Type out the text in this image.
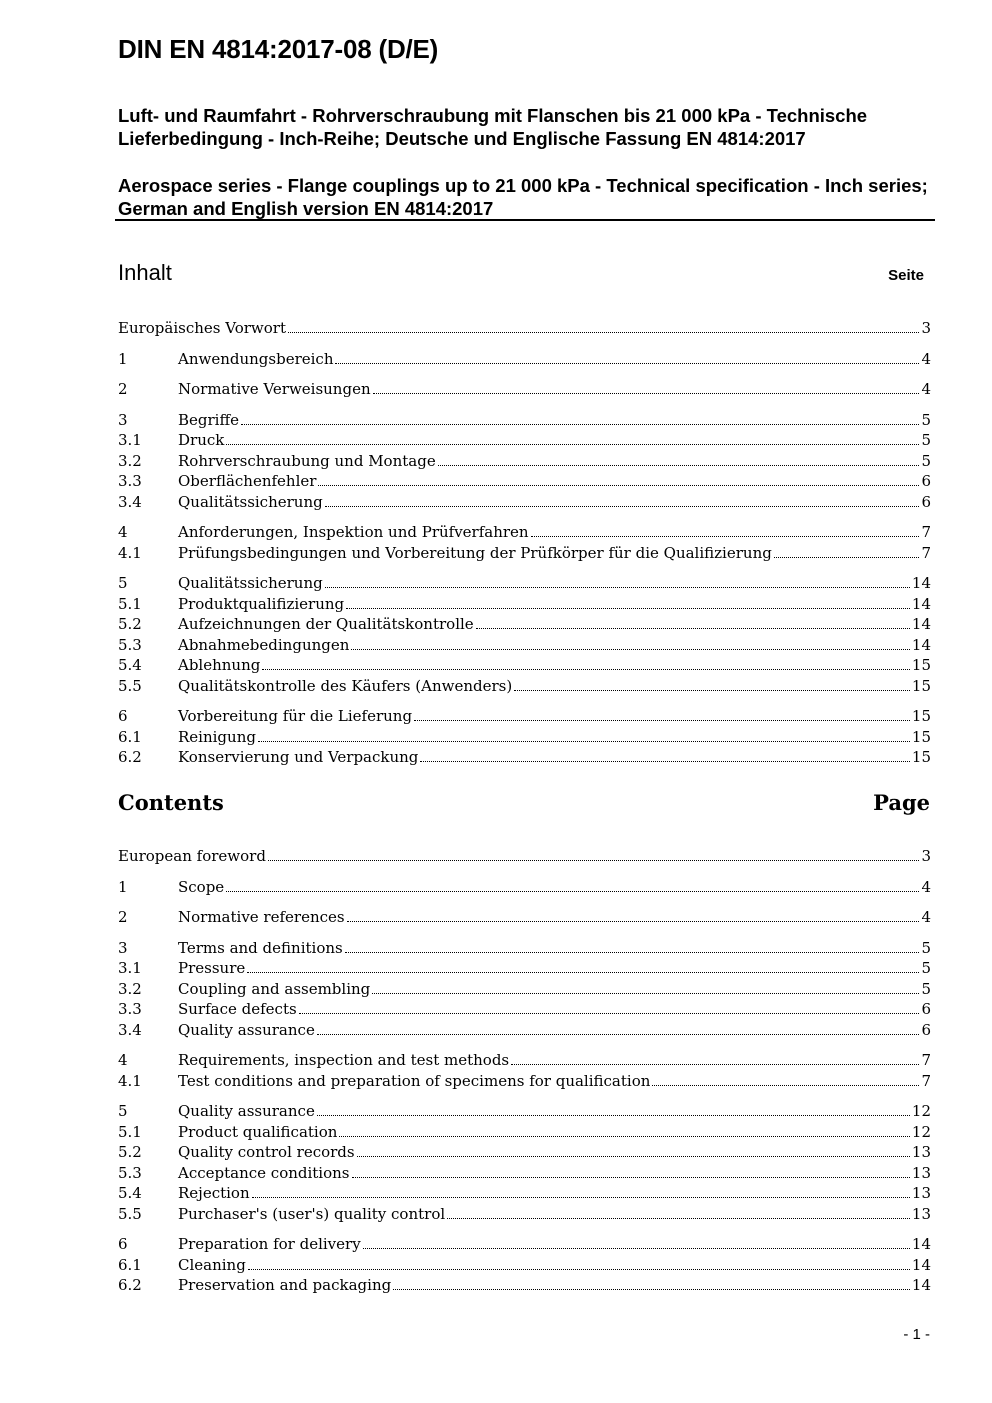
DIN EN 4814:2017-08 (D/E)

Luft- und Raumfahrt - Rohrverschraubung mit Flanschen bis 21 000 kPa - Technische Lieferbedingung - Inch-Reihe; Deutsche und Englische Fassung EN 4814:2017

Aerospace series - Flange couplings up to 21 000 kPa - Technical specification - Inch series; German and English version EN 4814:2017

Inhalt	Seite
Europäisches Vorwort	3
1	Anwendungsbereich	4
2	Normative Verweisungen	4
3	Begriffe	5
3.1	Druck	5
3.2	Rohrverschraubung und Montage	5
3.3	Oberflächenfehler	6
3.4	Qualitätssicherung	6
4	Anforderungen, Inspektion und Prüfverfahren	7
4.1	Prüfungsbedingungen und Vorbereitung der Prüfkörper für die Qualifizierung	7
5	Qualitätssicherung	14
5.1	Produktqualifizierung	14
5.2	Aufzeichnungen der Qualitätskontrolle	14
5.3	Abnahmebedingungen	14
5.4	Ablehnung	15
5.5	Qualitätskontrolle des Käufers (Anwenders)	15
6	Vorbereitung für die Lieferung	15
6.1	Reinigung	15
6.2	Konservierung und Verpackung	15
Contents	Page
European foreword	3
1	Scope	4
2	Normative references	4
3	Terms and definitions	5
3.1	Pressure	5
3.2	Coupling and assembling	5
3.3	Surface defects	6
3.4	Quality assurance	6
4	Requirements, inspection and test methods	7
4.1	Test conditions and preparation of specimens for qualification	7
5	Quality assurance	12
5.1	Product qualification	12
5.2	Quality control records	13
5.3	Acceptance conditions	13
5.4	Rejection	13
5.5	Purchaser's (user's) quality control	13
6	Preparation for delivery	14
6.1	Cleaning	14
6.2	Preservation and packaging	14
- 1 -
